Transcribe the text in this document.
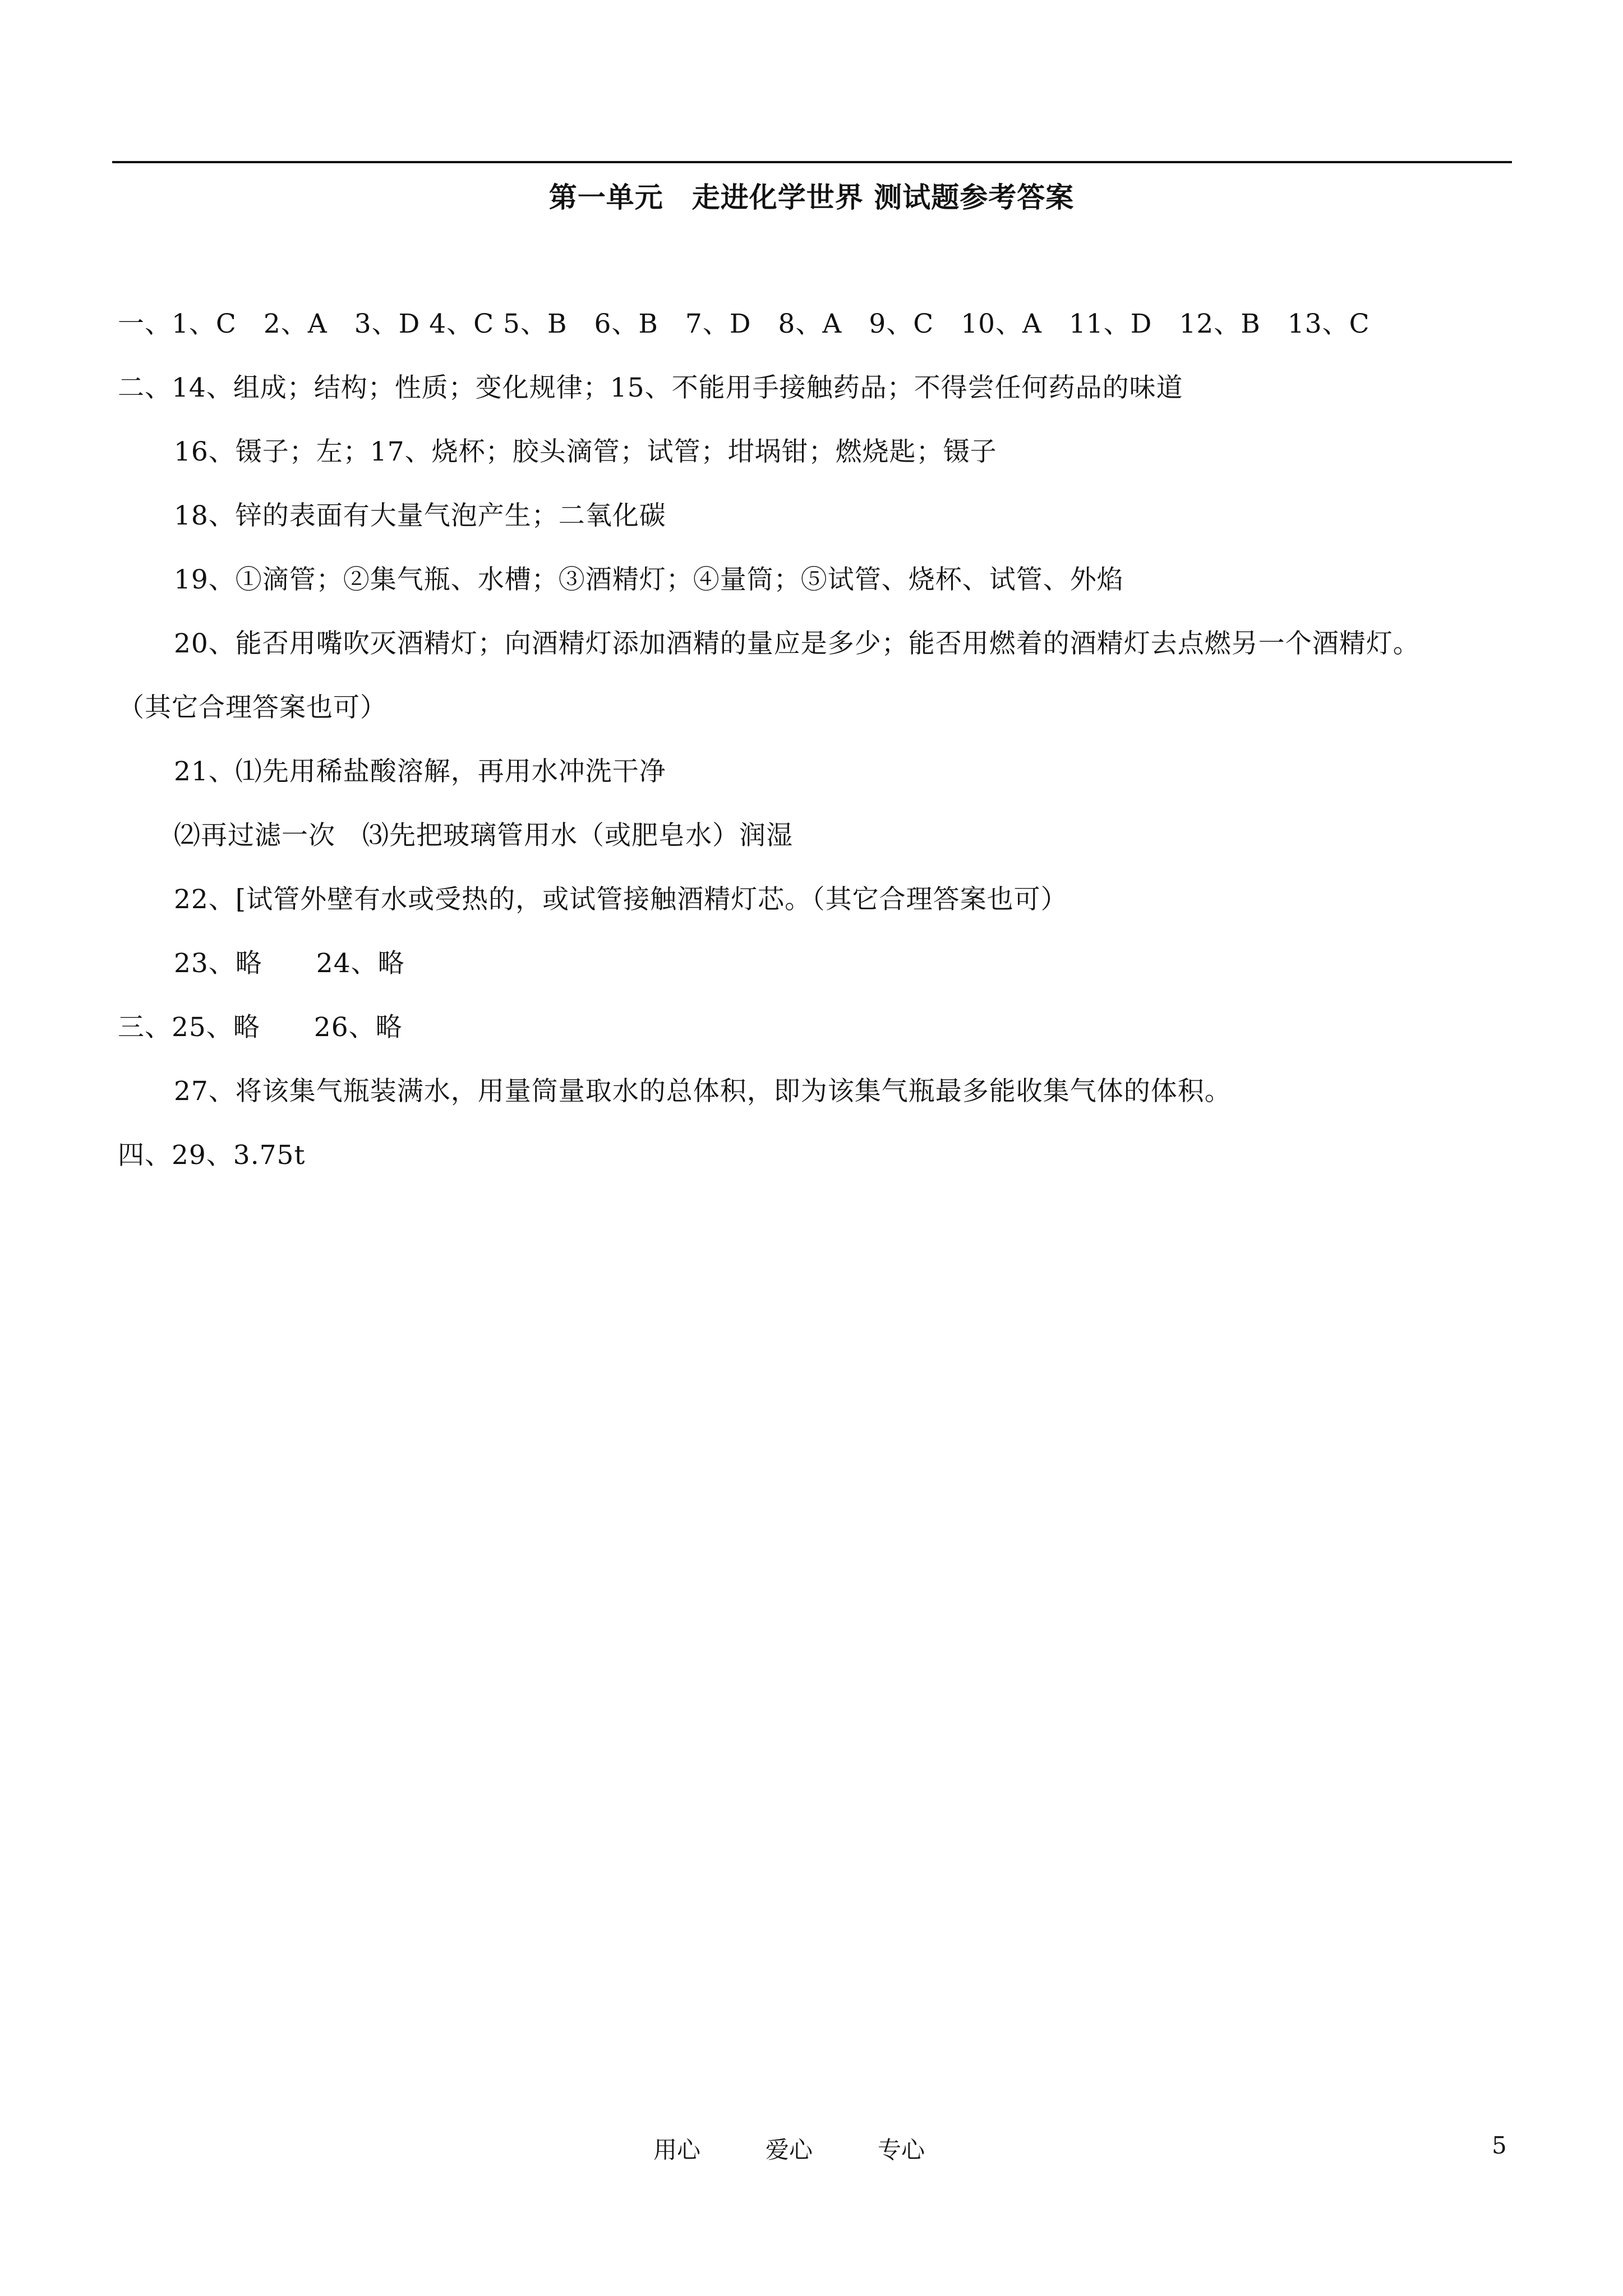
第一单元　走进化学世界 测试题参考答案
一、1、C　2、A　3、D 4、C 5、B　6、B　7、D　8、A　9、C　10、A　11、D　12、B　13、C
二、14、组成；结构；性质；变化规律；15、不能用手接触药品；不得尝任何药品的味道
16、镊子；左；17、烧杯；胶头滴管；试管；坩埚钳；燃烧匙；镊子
18、锌的表面有大量气泡产生；二氧化碳
19、①滴管；②集气瓶、水槽；③酒精灯；④量筒；⑤试管、烧杯、试管、外焰
20、能否用嘴吹灭酒精灯；向酒精灯添加酒精的量应是多少；能否用燃着的酒精灯去点燃另一个酒精灯。
（其它合理答案也可）
21、⑴先用稀盐酸溶解，再用水冲洗干净
⑵再过滤一次　⑶先把玻璃管用水（或肥皂水）润湿
22、[试管外壁有水或受热的，或试管接触酒精灯芯。（其它合理答案也可）
23、略　　24、略
三、25、略　　26、略
27、将该集气瓶装满水，用量筒量取水的总体积，即为该集气瓶最多能收集气体的体积。
四、29、3.75t
用心	爱心	专心	5
